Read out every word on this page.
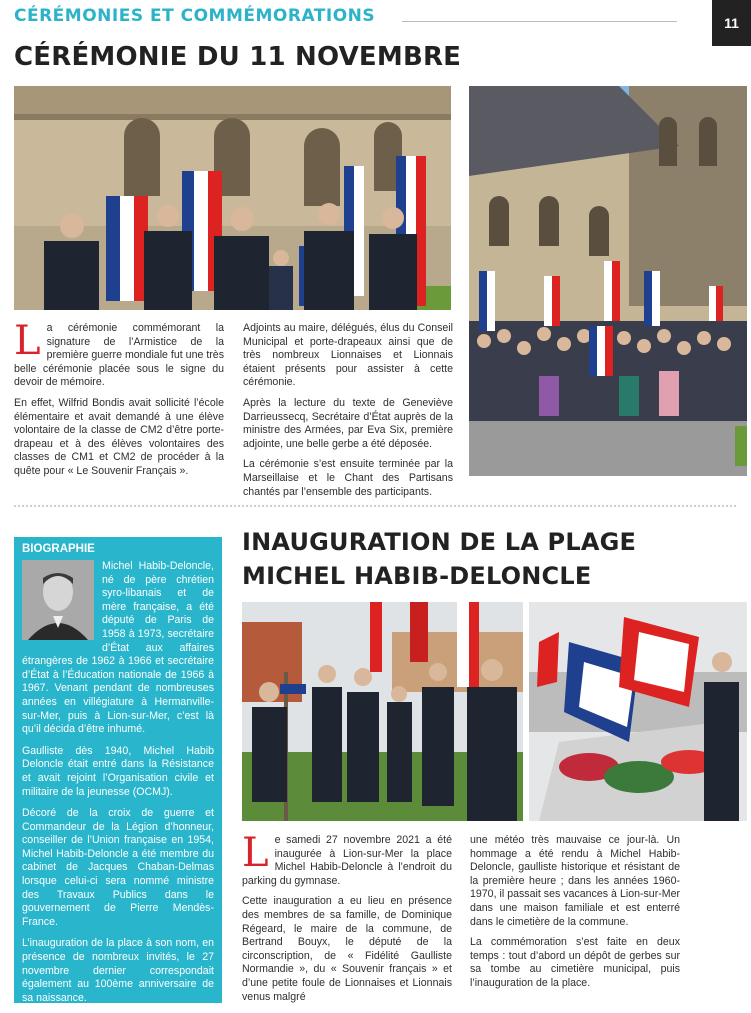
CÉRÉMONIES ET COMMÉMORATIONS	11
CÉRÉMONIE DU 11 NOVEMBRE

La cérémonie commémorant la signature de l’Armistice de la première guerre mondiale fut une très belle cérémonie placée sous le signe du devoir de mémoire.

En effet, Wilfrid Bondis avait sollicité l’école élémentaire et avait demandé à une élève volontaire de la classe de CM2 d’être porte-drapeau et à des élèves volontaires des classes de CM1 et CM2 de procéder à la quête pour « Le Souvenir Français ».

Adjoints au maire, délégués, élus du Conseil Municipal et porte-drapeaux ainsi que de très nombreux Lionnaises et Lionnais étaient présents pour assister à cette cérémonie.

Après la lecture du texte de Geneviève Darrieussecq, Secrétaire d’État auprès de la ministre des Armées, par Eva Six, première adjointe, une belle gerbe a été déposée.

La cérémonie s’est ensuite terminée par la Marseillaise et le Chant des Partisans chantés par l’ensemble des participants.

BIOGRAPHIE

Michel Habib-Deloncle, né de père chrétien syro-libanais et de mère française, a été député de Paris de 1958 à 1973, secrétaire d’État aux affaires étrangères de 1962 à 1966 et secrétaire d’État à l’Éducation nationale de 1966 à 1967. Venant pendant de nombreuses années en villégiature à Hermanville-sur-Mer, puis à Lion-sur-Mer, c’est là qu’il décida d’être inhumé.

Gaulliste dès 1940, Michel Habib Deloncle était entré dans la Résistance et avait rejoint l’Organisation civile et militaire de la jeunesse (OCMJ).

Décoré de la croix de guerre et Commandeur de la Légion d’honneur, conseiller de l’Union française en 1954, Michel Habib-Deloncle a été membre du cabinet de Jacques Chaban-Delmas lorsque celui-ci sera nommé ministre des Travaux Publics dans le gouvernement de Pierre Mendès-France.

L’inauguration de la place à son nom, en présence de nombreux invités, le 27 novembre dernier correspondait également au 100ème anniversaire de sa naissance.

INAUGURATION DE LA PLAGE
MICHEL HABIB-DELONCLE

Le samedi 27 novembre 2021 a été inaugurée à Lion-sur-Mer la place Michel Habib-Deloncle à l’endroit du parking du gymnase.

Cette inauguration a eu lieu en présence des membres de sa famille, de Dominique Régeard, le maire de la commune, de Bertrand Bouyx, le député de la circonscription, de « Fidélité Gaulliste Normandie », du « Souvenir français » et d’une petite foule de Lionnaises et Lionnais venus malgré

une météo très mauvaise ce jour-là. Un hommage a été rendu à Michel Habib-Deloncle, gaulliste historique et résistant de la première heure ; dans les années 1960-1970, il passait ses vacances à Lion-sur-Mer dans une maison familiale et est enterré dans le cimetière de la commune.

La commémoration s’est faite en deux temps : tout d’abord un dépôt de gerbes sur sa tombe au cimetière municipal, puis l’inauguration de la place.
